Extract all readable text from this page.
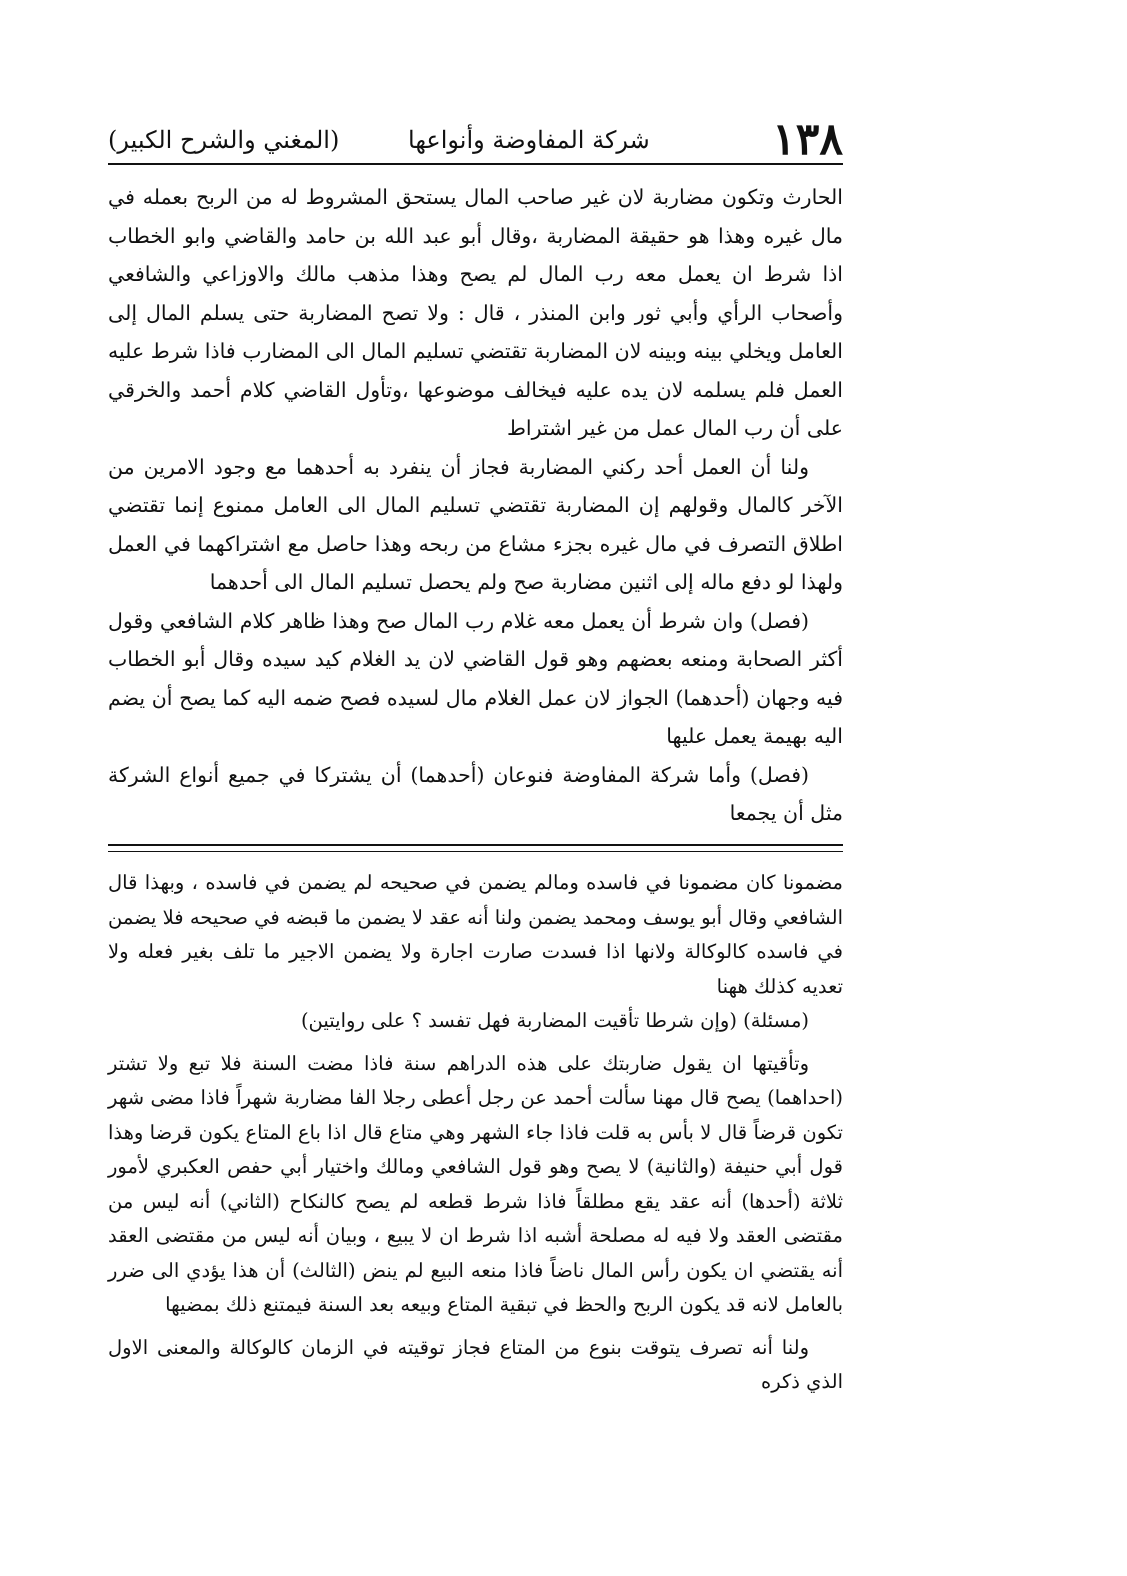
١٣٨
شركة المفاوضة وأنواعها
(المغني والشرح الكبير)

الحارث وتكون مضاربة لان غير صاحب المال يستحق المشروط له من الربح بعمله في مال غيره وهذا هو حقيقة المضاربة ،وقال أبو عبد الله بن حامد والقاضي وابو الخطاب اذا شرط ان يعمل معه رب المال لم يصح وهذا مذهب مالك والاوزاعي والشافعي وأصحاب الرأي وأبي ثور وابن المنذر ، قال : ولا تصح المضاربة حتى يسلم المال إلى العامل ويخلي بينه وبينه لان المضاربة تقتضي تسليم المال الى المضارب فاذا شرط عليه العمل فلم يسلمه لان يده عليه فيخالف موضوعها ،وتأول القاضي كلام أحمد والخرقي على أن رب المال عمل من غير اشتراط

ولنا أن العمل أحد ركني المضاربة فجاز أن ينفرد به أحدهما مع وجود الامرين من الآخر كالمال وقولهم إن المضاربة تقتضي تسليم المال الى العامل ممنوع إنما تقتضي اطلاق التصرف في مال غيره بجزء مشاع من ربحه وهذا حاصل مع اشتراكهما في العمل ولهذا لو دفع ماله إلى اثنين مضاربة صح ولم يحصل تسليم المال الى أحدهما

(فصل) وان شرط أن يعمل معه غلام رب المال صح وهذا ظاهر كلام الشافعي وقول أكثر الصحابة ومنعه بعضهم وهو قول القاضي لان يد الغلام كيد سيده وقال أبو الخطاب فيه وجهان (أحدهما) الجواز لان عمل الغلام مال لسيده فصح ضمه اليه كما يصح أن يضم اليه بهيمة يعمل عليها

(فصل) وأما شركة المفاوضة فنوعان (أحدهما) أن يشتركا في جميع أنواع الشركة مثل أن يجمعا

مضمونا كان مضمونا في فاسده ومالم يضمن في صحيحه لم يضمن في فاسده ، وبهذا قال الشافعي وقال أبو يوسف ومحمد يضمن ولنا أنه عقد لا يضمن ما قبضه في صحيحه فلا يضمن في فاسده كالوكالة ولانها اذا فسدت صارت اجارة ولا يضمن الاجير ما تلف بغير فعله ولا تعديه كذلك ههنا

(مسئلة) (وإن شرطا تأقيت المضاربة فهل تفسد ؟ على روايتين)

وتأقيتها ان يقول ضاربتك على هذه الدراهم سنة فاذا مضت السنة فلا تبع ولا تشتر (احداهما) يصح قال مهنا سألت أحمد عن رجل أعطى رجلا الفا مضاربة شهراً فاذا مضى شهر تكون قرضاً قال لا بأس به قلت فاذا جاء الشهر وهي متاع قال اذا باع المتاع يكون قرضا وهذا قول أبي حنيفة (والثانية) لا يصح وهو قول الشافعي ومالك واختيار أبي حفص العكبري لأمور ثلاثة (أحدها) أنه عقد يقع مطلقاً فاذا شرط قطعه لم يصح كالنكاح (الثاني) أنه ليس من مقتضى العقد ولا فيه له مصلحة أشبه اذا شرط ان لا يبيع ، وبيان أنه ليس من مقتضى العقد أنه يقتضي ان يكون رأس المال ناضاً فاذا منعه البيع لم ينض (الثالث) أن هذا يؤدي الى ضرر بالعامل لانه قد يكون الربح والحظ في تبقية المتاع وبيعه بعد السنة فيمتنع ذلك بمضيها

ولنا أنه تصرف يتوقت بنوع من المتاع فجاز توقيته في الزمان كالوكالة والمعنى الاول الذي ذكره
